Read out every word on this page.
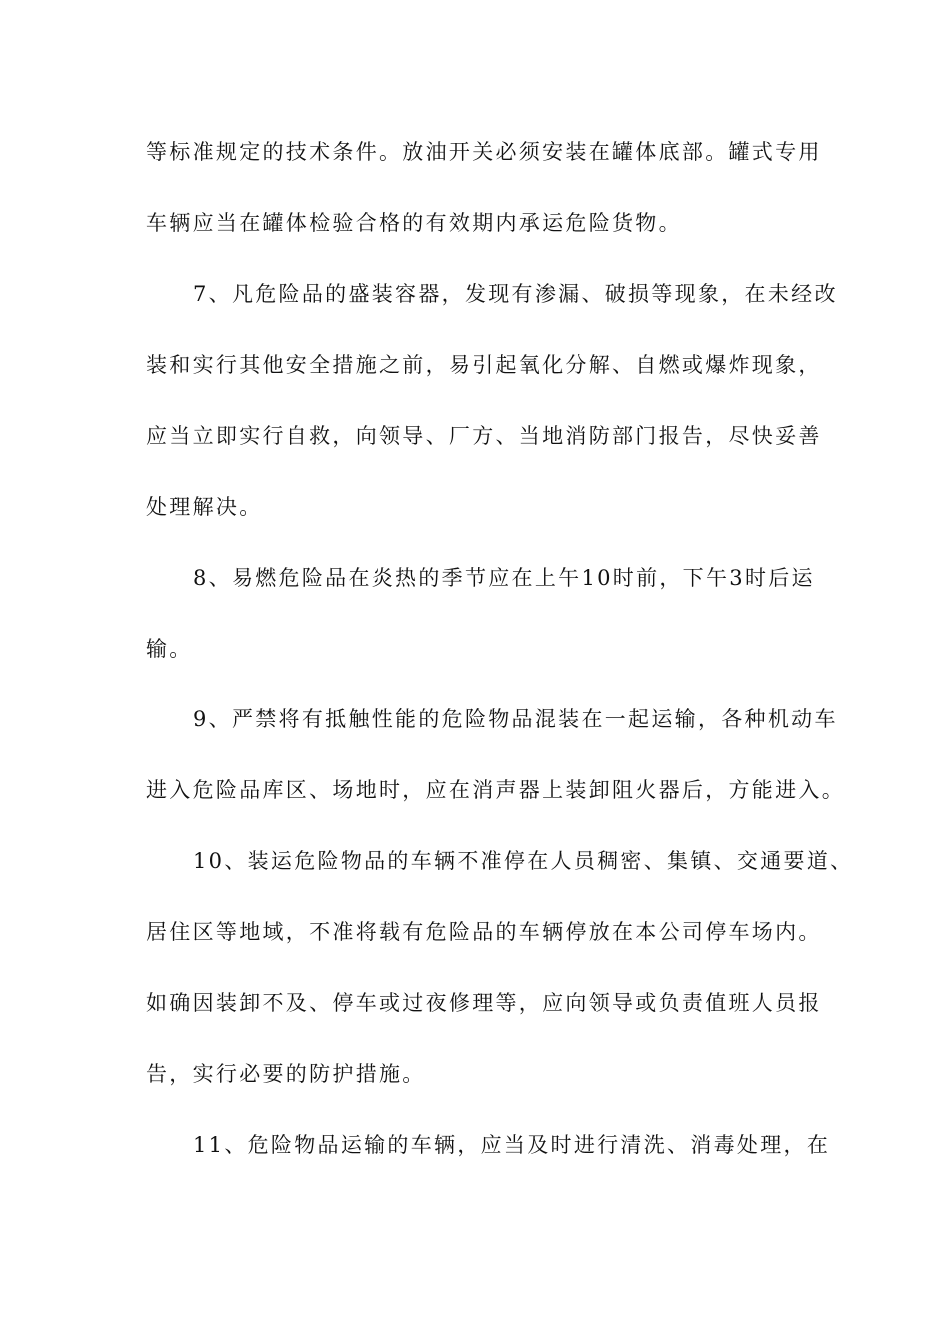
等标准规定的技术条件。放油开关必须安装在罐体底部。罐式专用
车辆应当在罐体检验合格的有效期内承运危险货物。
7、凡危险品的盛装容器，发现有渗漏、破损等现象，在未经改
装和实行其他安全措施之前，易引起氧化分解、自燃或爆炸现象，
应当立即实行自救，向领导、厂方、当地消防部门报告，尽快妥善
处理解决。
8、易燃危险品在炎热的季节应在上午10时前，下午3时后运
输。
9、严禁将有抵触性能的危险物品混装在一起运输，各种机动车
进入危险品库区、场地时，应在消声器上装卸阻火器后，方能进入。
10、装运危险物品的车辆不准停在人员稠密、集镇、交通要道、
居住区等地域，不准将载有危险品的车辆停放在本公司停车场内。
如确因装卸不及、停车或过夜修理等，应向领导或负责值班人员报
告，实行必要的防护措施。
11、危险物品运输的车辆，应当及时进行清洗、消毒处理，在
